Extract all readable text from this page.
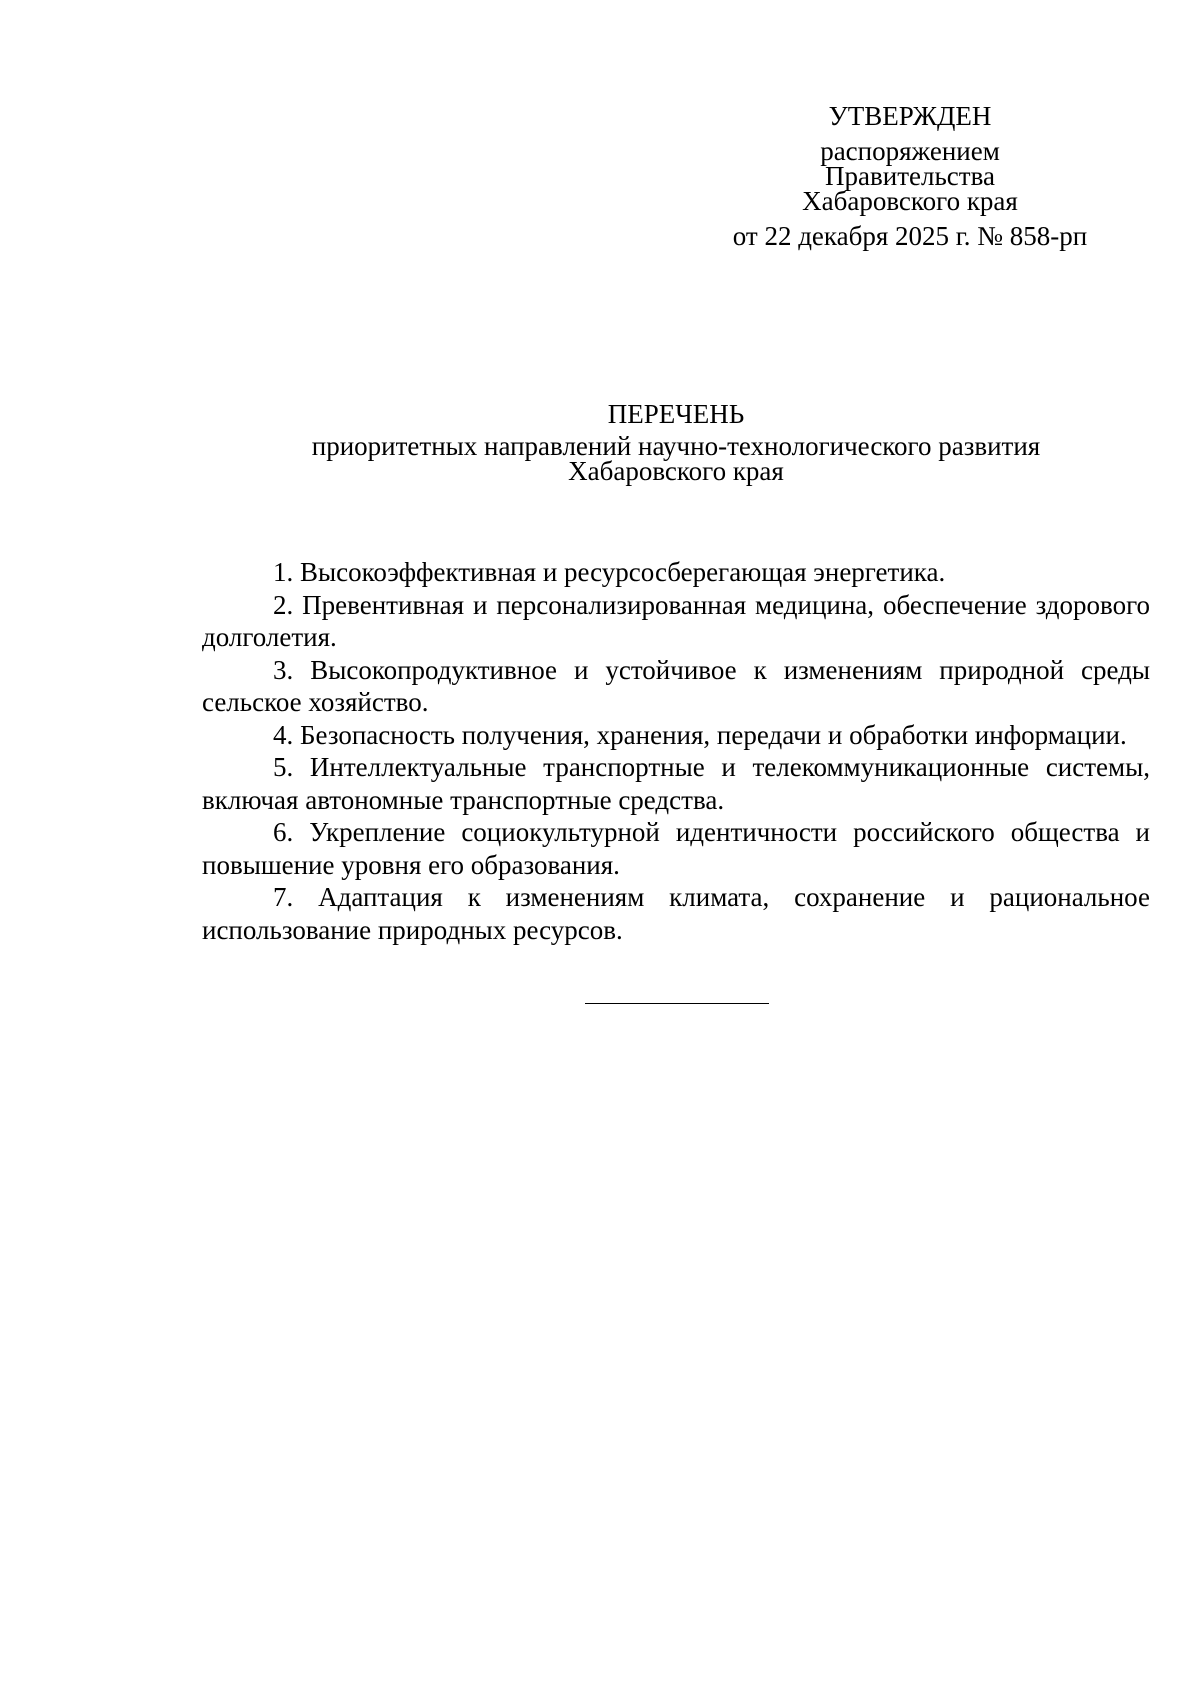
УТВЕРЖДЕН
распоряжением
Правительства
Хабаровского края
от 22 декабря 2025 г. № 858-рп
ПЕРЕЧЕНЬ
приоритетных направлений научно-технологического развития
Хабаровского края

1. Высокоэффективная и ресурсосберегающая энергетика.

2. Превентивная и персонализированная медицина, обеспечение здорового долголетия.

3. Высокопродуктивное и устойчивое к изменениям природной среды сельское хозяйство.

4. Безопасность получения, хранения, передачи и обработки информации.

5. Интеллектуальные транспортные и телекоммуникационные системы, включая автономные транспортные средства.

6. Укрепление социокультурной идентичности российского общества и повышение уровня его образования.

7. Адаптация к изменениям климата, сохранение и рациональное использование природных ресурсов.
